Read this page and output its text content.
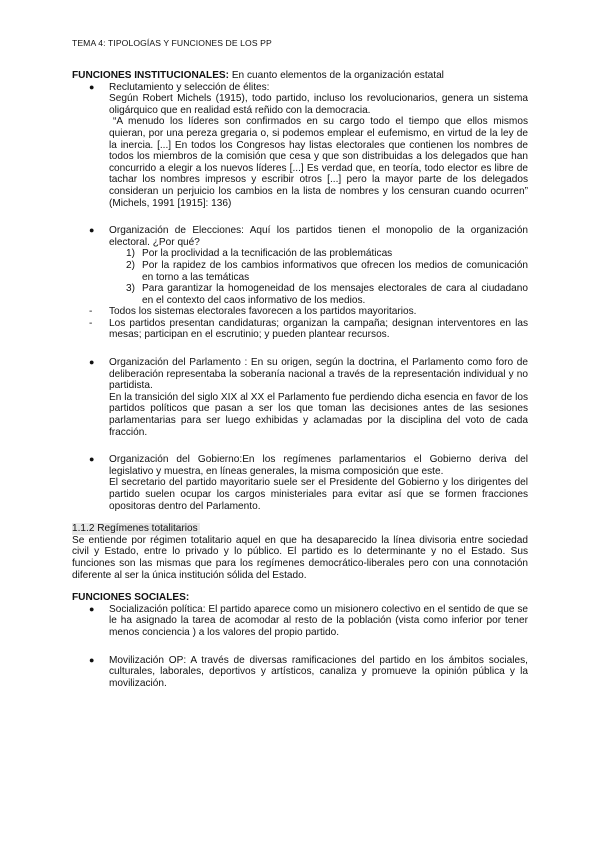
TEMA 4: TIPOLOGÍAS Y FUNCIONES DE LOS PP
FUNCIONES INSTITUCIONALES: En cuanto elementos de la organización estatal
● Reclutamiento y selección de élites:
Según Robert Michels (1915), todo partido, incluso los revolucionarios, genera un sistema oligárquico que en realidad está reñido con la democracia.
“A menudo los líderes son confirmados en su cargo todo el tiempo que ellos mismos quieran, por una pereza gregaria o, si podemos emplear el eufemismo, en virtud de la ley de la inercia. [...] En todos los Congresos hay listas electorales que contienen los nombres de todos los miembros de la comisión que cesa y que son distribuidas a los delegados que han concurrido a elegir a los nuevos líderes [...] Es verdad que, en teoría, todo elector es libre de tachar los nombres impresos y escribir otros [...] pero la mayor parte de los delegados consideran un perjuicio los cambios en la lista de nombres y los censuran cuando ocurren” (Michels, 1991 [1915]: 136)
● Organización de Elecciones: Aquí los partidos tienen el monopolio de la organización electoral. ¿Por qué?
1) Por la proclividad a la tecnificación de las problemáticas
2) Por la rapidez de los cambios informativos que ofrecen los medios de comunicación en torno a las temáticas
3) Para garantizar la homogeneidad de los mensajes electorales de cara al ciudadano en el contexto del caos informativo de los medios.
- Todos los sistemas electorales favorecen a los partidos mayoritarios.
- Los partidos presentan candidaturas; organizan la campaña; designan interventores en las mesas; participan en el escrutinio; y pueden plantear recursos.
● Organización del Parlamento : En su origen, según la doctrina, el Parlamento como foro de deliberación representaba la soberanía nacional a través de la representación individual y no partidista.
En la transición del siglo XIX al XX el Parlamento fue perdiendo dicha esencia en favor de los partidos políticos que pasan a ser los que toman las decisiones antes de las sesiones parlamentarias para ser luego exhibidas y aclamadas por la disciplina del voto de cada fracción.
● Organización del Gobierno:En los regímenes parlamentarios el Gobierno deriva del legislativo y muestra, en líneas generales, la misma composición que este.
El secretario del partido mayoritario suele ser el Presidente del Gobierno y los dirigentes del partido suelen ocupar los cargos ministeriales para evitar así que se formen fracciones opositoras dentro del Parlamento.
1.1.2 Regímenes totalitarios
Se entiende por régimen totalitario aquel en que ha desaparecido la línea divisoria entre sociedad civil y Estado, entre lo privado y lo público. El partido es lo determinante y no el Estado. Sus funciones son las mismas que para los regímenes democrático-liberales pero con una connotación diferente al ser la única institución sólida del Estado.
FUNCIONES SOCIALES:
● Socialización política: El partido aparece como un misionero colectivo en el sentido de que se le ha asignado la tarea de acomodar al resto de la población (vista como inferior por tener menos conciencia ) a los valores del propio partido.
● Movilización OP: A través de diversas ramificaciones del partido en los ámbitos sociales, culturales, laborales, deportivos y artísticos, canaliza y promueve la opinión pública y la movilización.
